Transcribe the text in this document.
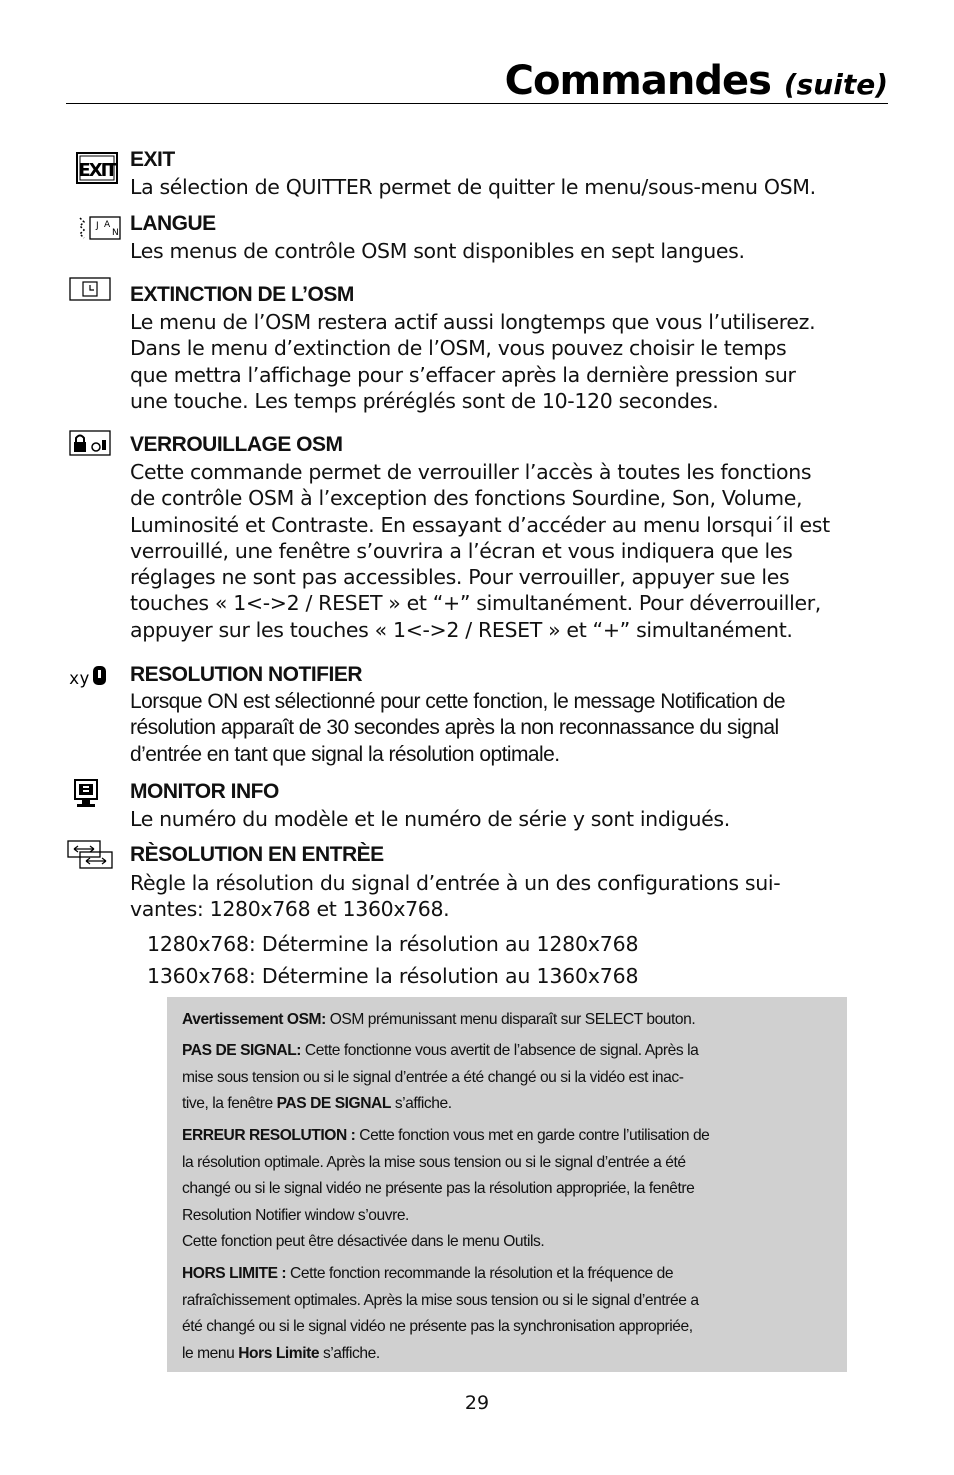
Commandes (suite)
EXIT EXIT
La sélection de QUITTER permet de quitter le menu/sous-menu OSM.
J A
N LANGUE
Les menus de contrôle OSM sont disponibles en sept langues.
EXTINCTION DE L’OSM
Le menu de l’OSM restera actif aussi longtemps que vous l’utiliserez.
Dans le menu d’extinction de l’OSM, vous pouvez choisir le temps
que mettra l’affichage pour s’effacer après la dernière pression sur
une touche. Les temps préréglés sont de 10-120 secondes.
VERROUILLAGE OSM
Cette commande permet de verrouiller l’accès à toutes les fonctions
de contrôle OSM à l’exception des fonctions Sourdine, Son, Volume,
Luminosité et Contraste. En essayant d’accéder au menu lorsqui´il est
verrouillé, une fenêtre s’ouvrira a l’écran et vous indiquera que les
réglages ne sont pas accessibles. Pour verrouiller, appuyer sue les
touches « 1<->2 / RESET » et “+” simultanément. Pour déverrouiller,
appuyer sur les touches « 1<->2 / RESET » et “+” simultanément.
xy RESOLUTION NOTIFIER
Lorsque ON est sélectionné pour cette fonction, le message Notification de
résolution apparaît de 30 secondes après la non reconnassance du signal
d’entrée en tant que signal la résolution optimale.
MONITOR INFO
Le numéro du modèle et le numéro de série y sont indigués.
RÈSOLUTION EN ENTRÈE
Règle la résolution du signal d’entrée à un des configurations sui-
vantes: 1280x768 et 1360x768.
1280x768: Détermine la résolution au 1280x768
1360x768: Détermine la résolution au 1360x768
Avertissement OSM: OSM prémunissant menu disparaît sur SELECT bouton.
PAS DE SIGNAL: Cette fonctionne vous avertit de l’absence de signal. Après la
mise sous tension ou si le signal d’entrée a été changé ou si la vidéo est inac-
tive, la fenêtre PAS DE SIGNAL s’affiche.
ERREUR RESOLUTION : Cette fonction vous met en garde contre l’utilisation de
la résolution optimale. Après la mise sous tension ou si le signal d’entrée a été
changé ou si le signal vidéo ne présente pas la résolution appropriée, la fenêtre
Resolution Notifier window s’ouvre.
Cette fonction peut être désactivée dans le menu Outils.
HORS LIMITE : Cette fonction recommande la résolution et la fréquence de
rafraîchissement optimales. Après la mise sous tension ou si le signal d’entrée a
été changé ou si le signal vidéo ne présente pas la synchronisation appropriée,
le menu Hors Limite s’affiche.
29
